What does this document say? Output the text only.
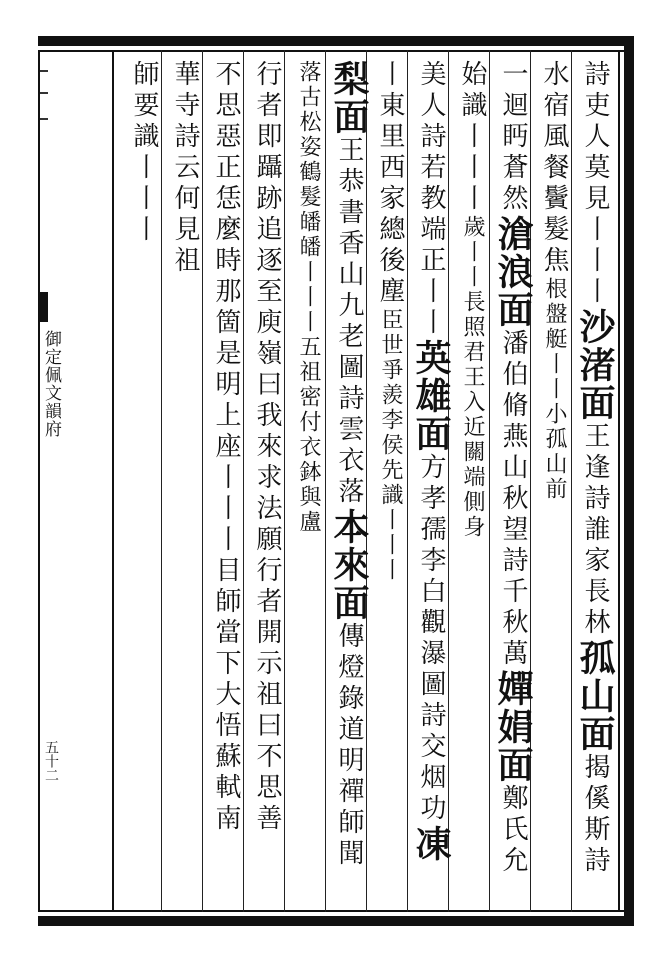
御定佩文韻府
五十二
詩吏人莫見丨丨丨沙渚面王逢詩誰家長林孤山面揭傒斯詩
水宿風餐鬢髮焦根盤艇丨丨小孤山前
一迴眄蒼然滄浪面潘伯脩燕山秋望詩千秋萬嬋娟面鄭氏允
始識丨丨丨歲丨丨長照君王入近關端側身
美人詩若教端正丨丨英雄面方孝孺李白觀瀑圖詩交烟功凍
丨東里西家總後塵臣世爭羨李侯先識丨丨丨
梨面王恭書香山九老圖詩雲衣落本來面傳燈錄道明禪師聞
落古松姿鶴髮皤皤丨丨丨五祖密付衣鉢與盧
行者即躡跡追逐至庾嶺曰我來求法願行者開示祖曰不思善
不思惡正恁麼時那箇是明上座丨丨丨目師當下大悟蘇軾南
華寺詩云何見祖
師要識丨丨丨
